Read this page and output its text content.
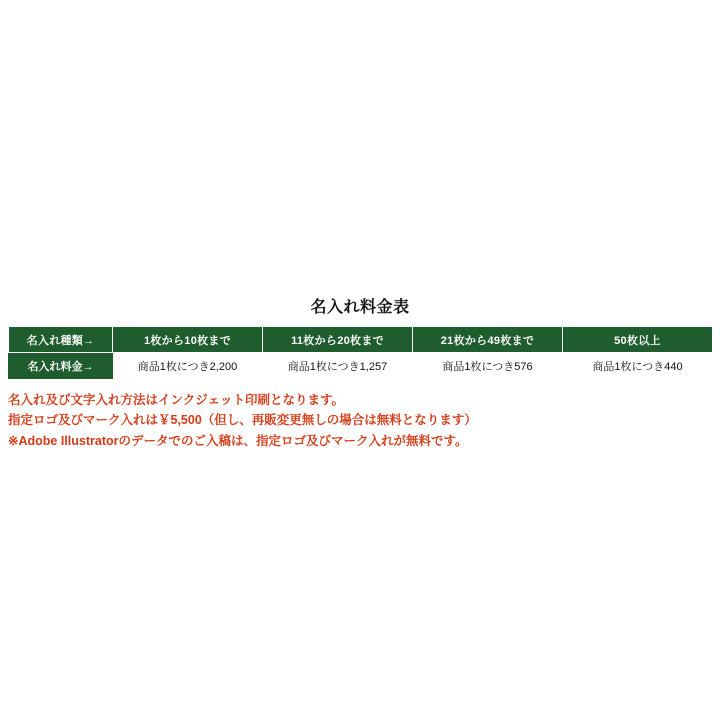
名入れ料金表
名入れ種類→	1枚から10枚まで	11枚から20枚まで	21枚から49枚まで	50枚以上
名入れ料金→	商品1枚につき2,200	商品1枚につき1,257	商品1枚につき576	商品1枚につき440
名入れ及び文字入れ方法はインクジェット印刷となります。
指定ロゴ及びマーク入れは￥5,500（但し、再販変更無しの場合は無料となります）
※Adobe Illustratorのデータでのご入稿は、指定ロゴ及びマーク入れが無料です。
